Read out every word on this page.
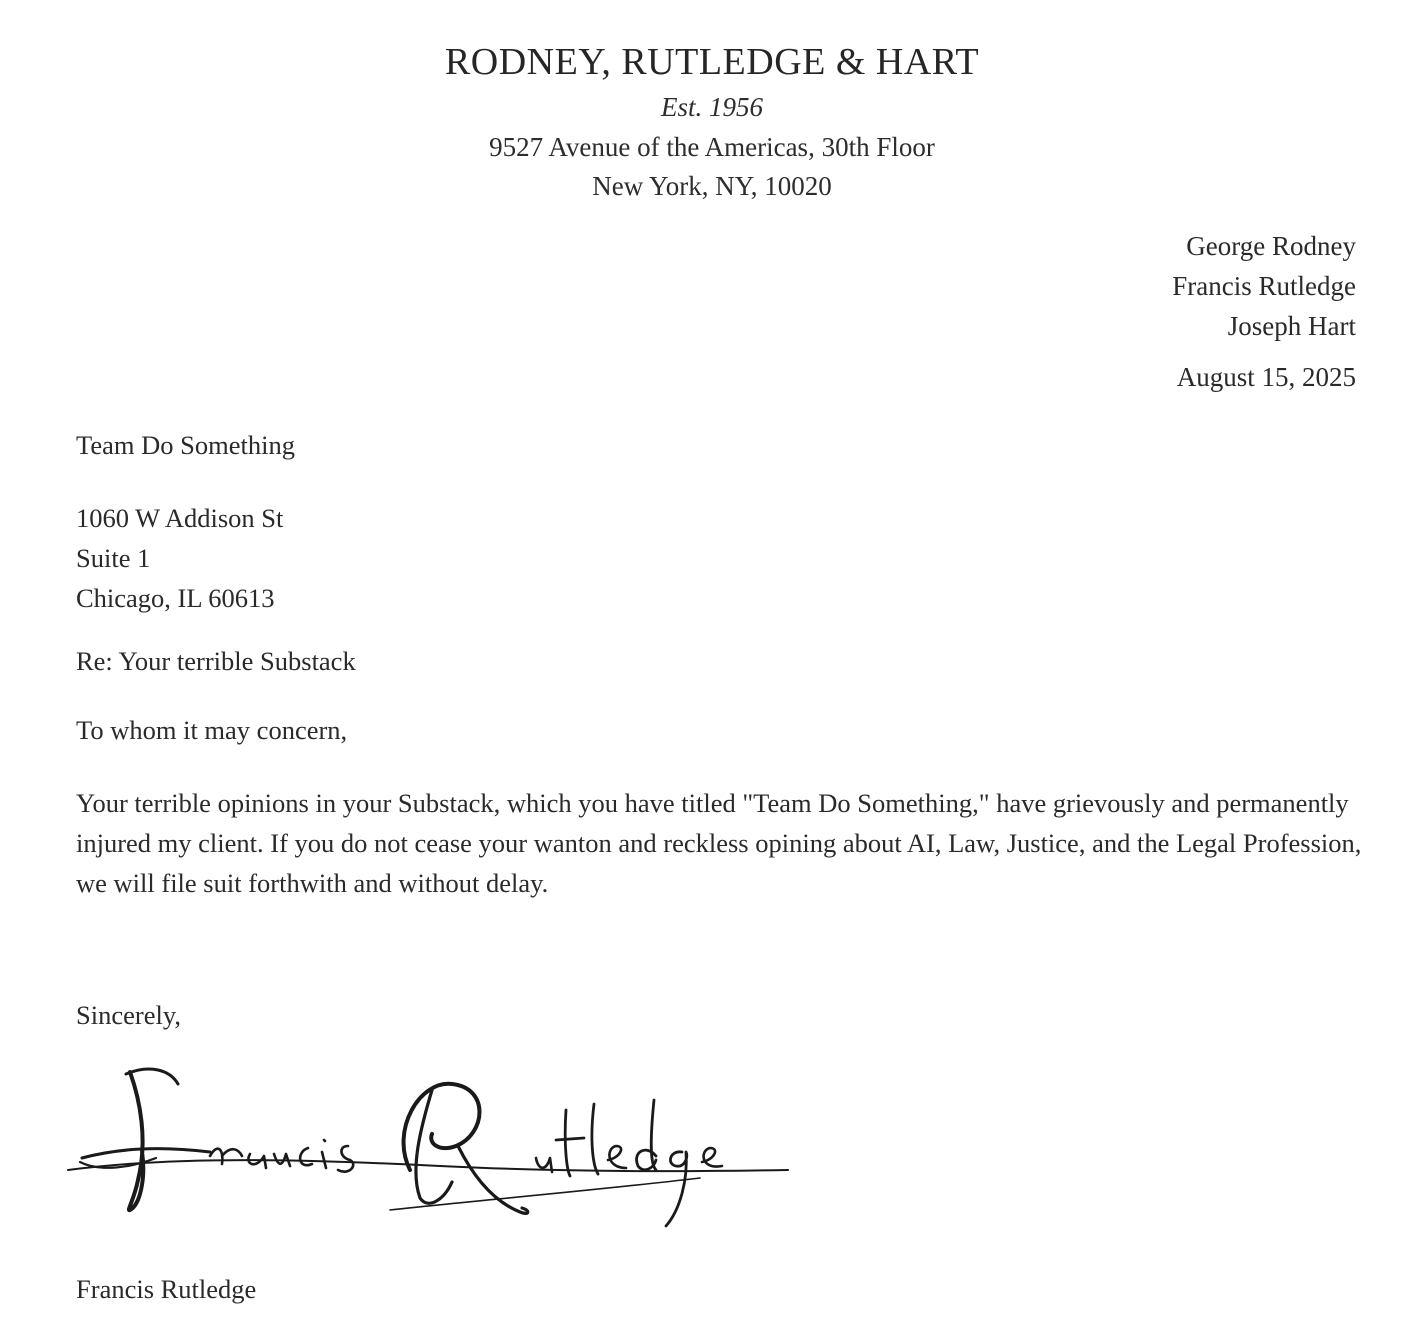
RODNEY, RUTLEDGE & HART
Est. 1956
9527 Avenue of the Americas, 30th Floor
New York, NY, 10020
George Rodney
Francis Rutledge
Joseph Hart
August 15, 2025
Team Do Something
1060 W Addison St
Suite 1
Chicago, IL 60613
Re: Your terrible Substack
To whom it may concern,
Your terrible opinions in your Substack, which you have titled "Team Do Something," have grievously and permanently injured my client. If you do not cease your wanton and reckless opining about AI, Law, Justice, and the Legal Profession, we will file suit forthwith and without delay.
Sincerely,
Francis Rutledge
